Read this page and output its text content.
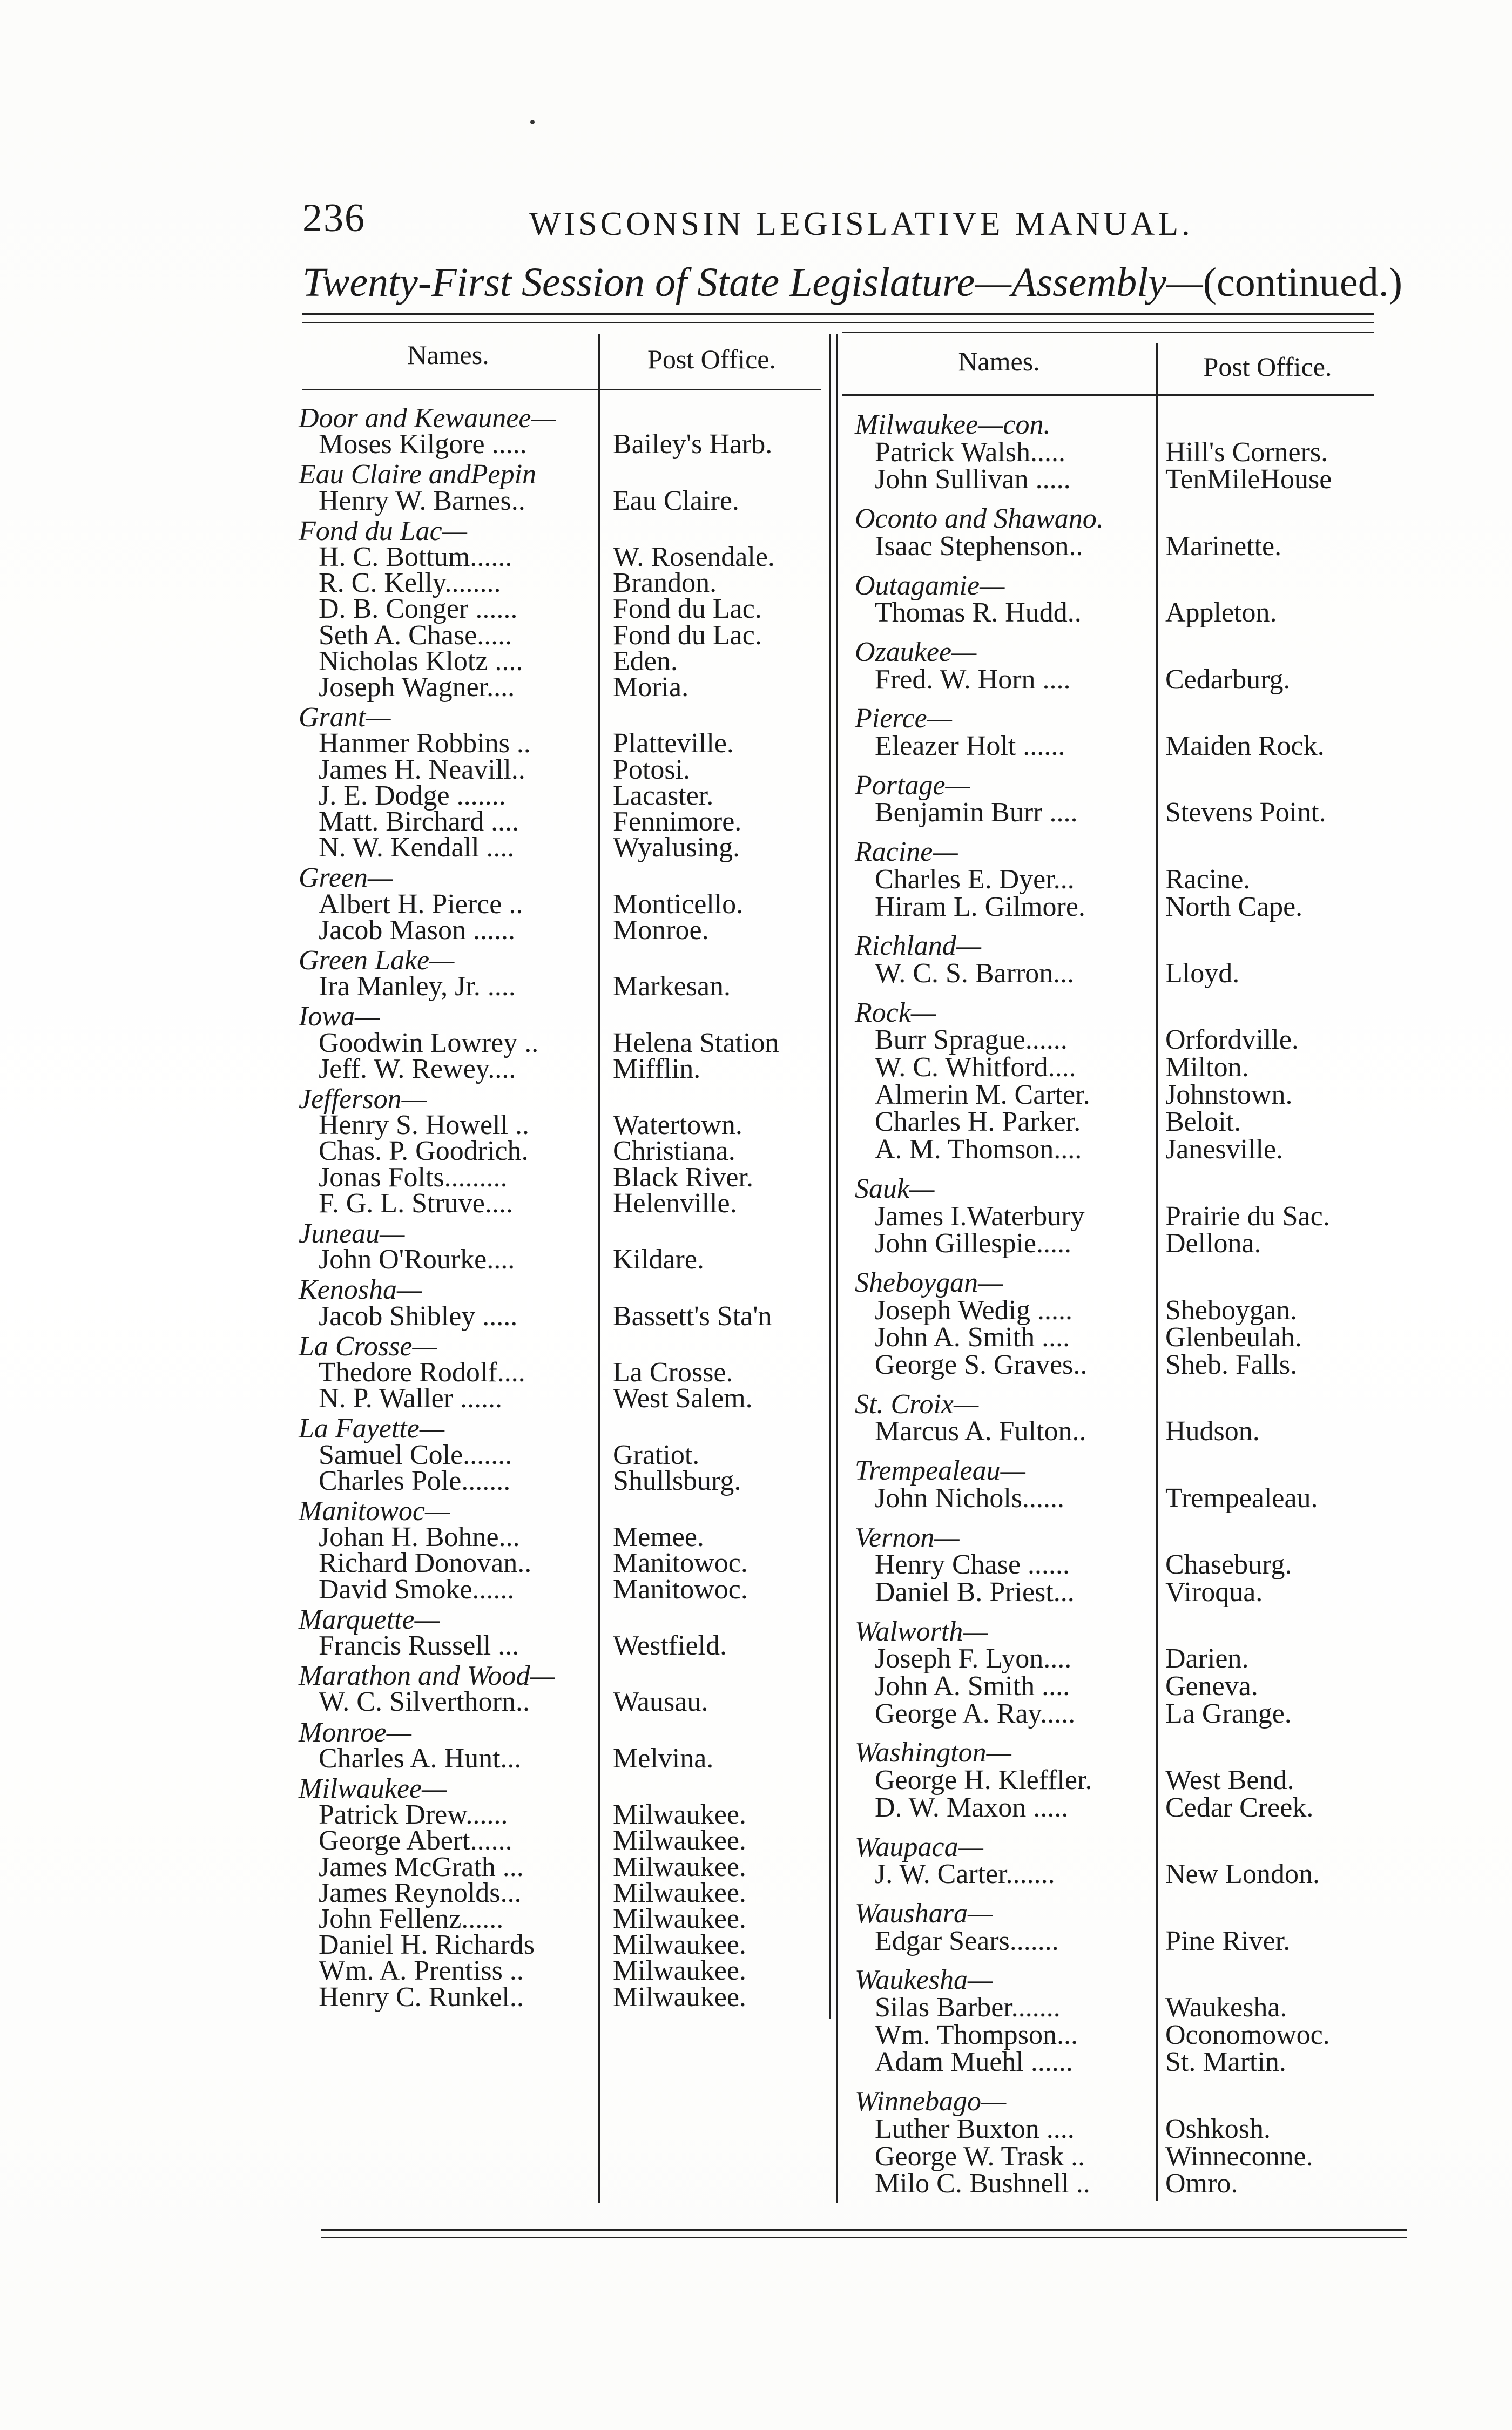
236	WISCONSIN LEGISLATIVE MANUAL.
Twenty-First Session of State Legislature—Assembly—(continued.)
Names.	Post Office.	Names.	Post Office.
Door and Kewaunee—
Moses Kilgore .....	Bailey's Harb.
Eau Claire andPepin
Henry W. Barnes..	Eau Claire.
Fond du Lac—
H. C. Bottum......	W. Rosendale.
R. C. Kelly........	Brandon.
D. B. Conger ......	Fond du Lac.
Seth A. Chase.....	Fond du Lac.
Nicholas Klotz ....	Eden.
Joseph Wagner....	Moria.
Grant—
Hanmer Robbins ..	Platteville.
James H. Neavill..	Potosi.
J. E. Dodge .......	Lacaster.
Matt. Birchard ....	Fennimore.
N. W. Kendall ....	Wyalusing.
Green—
Albert H. Pierce ..	Monticello.
Jacob Mason ......	Monroe.
Green Lake—
Ira Manley, Jr. ....	Markesan.
Iowa—
Goodwin Lowrey ..	Helena Station
Jeff. W. Rewey....	Mifflin.
Jefferson—
Henry S. Howell ..	Watertown.
Chas. P. Goodrich.	Christiana.
Jonas Folts.........	Black River.
F. G. L. Struve....	Helenville.
Juneau—
John O'Rourke....	Kildare.
Kenosha—
Jacob Shibley .....	Bassett's Sta'n
La Crosse—
Thedore Rodolf....	La Crosse.
N. P. Waller ......	West Salem.
La Fayette—
Samuel Cole.......	Gratiot.
Charles Pole.......	Shullsburg.
Manitowoc—
Johan H. Bohne...	Memee.
Richard Donovan..	Manitowoc.
David Smoke......	Manitowoc.
Marquette—
Francis Russell ...	Westfield.
Marathon and Wood—
W. C. Silverthorn..	Wausau.
Monroe—
Charles A. Hunt...	Melvina.
Milwaukee—
Patrick Drew......	Milwaukee.
George Abert......	Milwaukee.
James McGrath ...	Milwaukee.
James Reynolds...	Milwaukee.
John Fellenz......	Milwaukee.
Daniel H. Richards	Milwaukee.
Wm. A. Prentiss ..	Milwaukee.
Henry C. Runkel..	Milwaukee.
Milwaukee—con.
Patrick Walsh.....	Hill's Corners.
John Sullivan .....	TenMileHouse
Oconto and Shawano.
Isaac Stephenson..	Marinette.
Outagamie—
Thomas R. Hudd..	Appleton.
Ozaukee—
Fred. W. Horn ....	Cedarburg.
Pierce—
Eleazer Holt ......	Maiden Rock.
Portage—
Benjamin Burr ....	Stevens Point.
Racine—
Charles E. Dyer...	Racine.
Hiram L. Gilmore.	North Cape.
Richland—
W. C. S. Barron...	Lloyd.
Rock—
Burr Sprague......	Orfordville.
W. C. Whitford....	Milton.
Almerin M. Carter.	Johnstown.
Charles H. Parker.	Beloit.
A. M. Thomson....	Janesville.
Sauk—
James I.Waterbury	Prairie du Sac.
John Gillespie.....	Dellona.
Sheboygan—
Joseph Wedig .....	Sheboygan.
John A. Smith ....	Glenbeulah.
George S. Graves..	Sheb. Falls.
St. Croix—
Marcus A. Fulton..	Hudson.
Trempealeau—
John Nichols......	Trempealeau.
Vernon—
Henry Chase ......	Chaseburg.
Daniel B. Priest...	Viroqua.
Walworth—
Joseph F. Lyon....	Darien.
John A. Smith ....	Geneva.
George A. Ray.....	La Grange.
Washington—
George H. Kleffler.	West Bend.
D. W. Maxon .....	Cedar Creek.
Waupaca—
J. W. Carter.......	New London.
Waushara—
Edgar Sears.......	Pine River.
Waukesha—
Silas Barber.......	Waukesha.
Wm. Thompson...	Oconomowoc.
Adam Muehl ......	St. Martin.
Winnebago—
Luther Buxton ....	Oshkosh.
George W. Trask ..	Winneconne.
Milo C. Bushnell ..	Omro.
